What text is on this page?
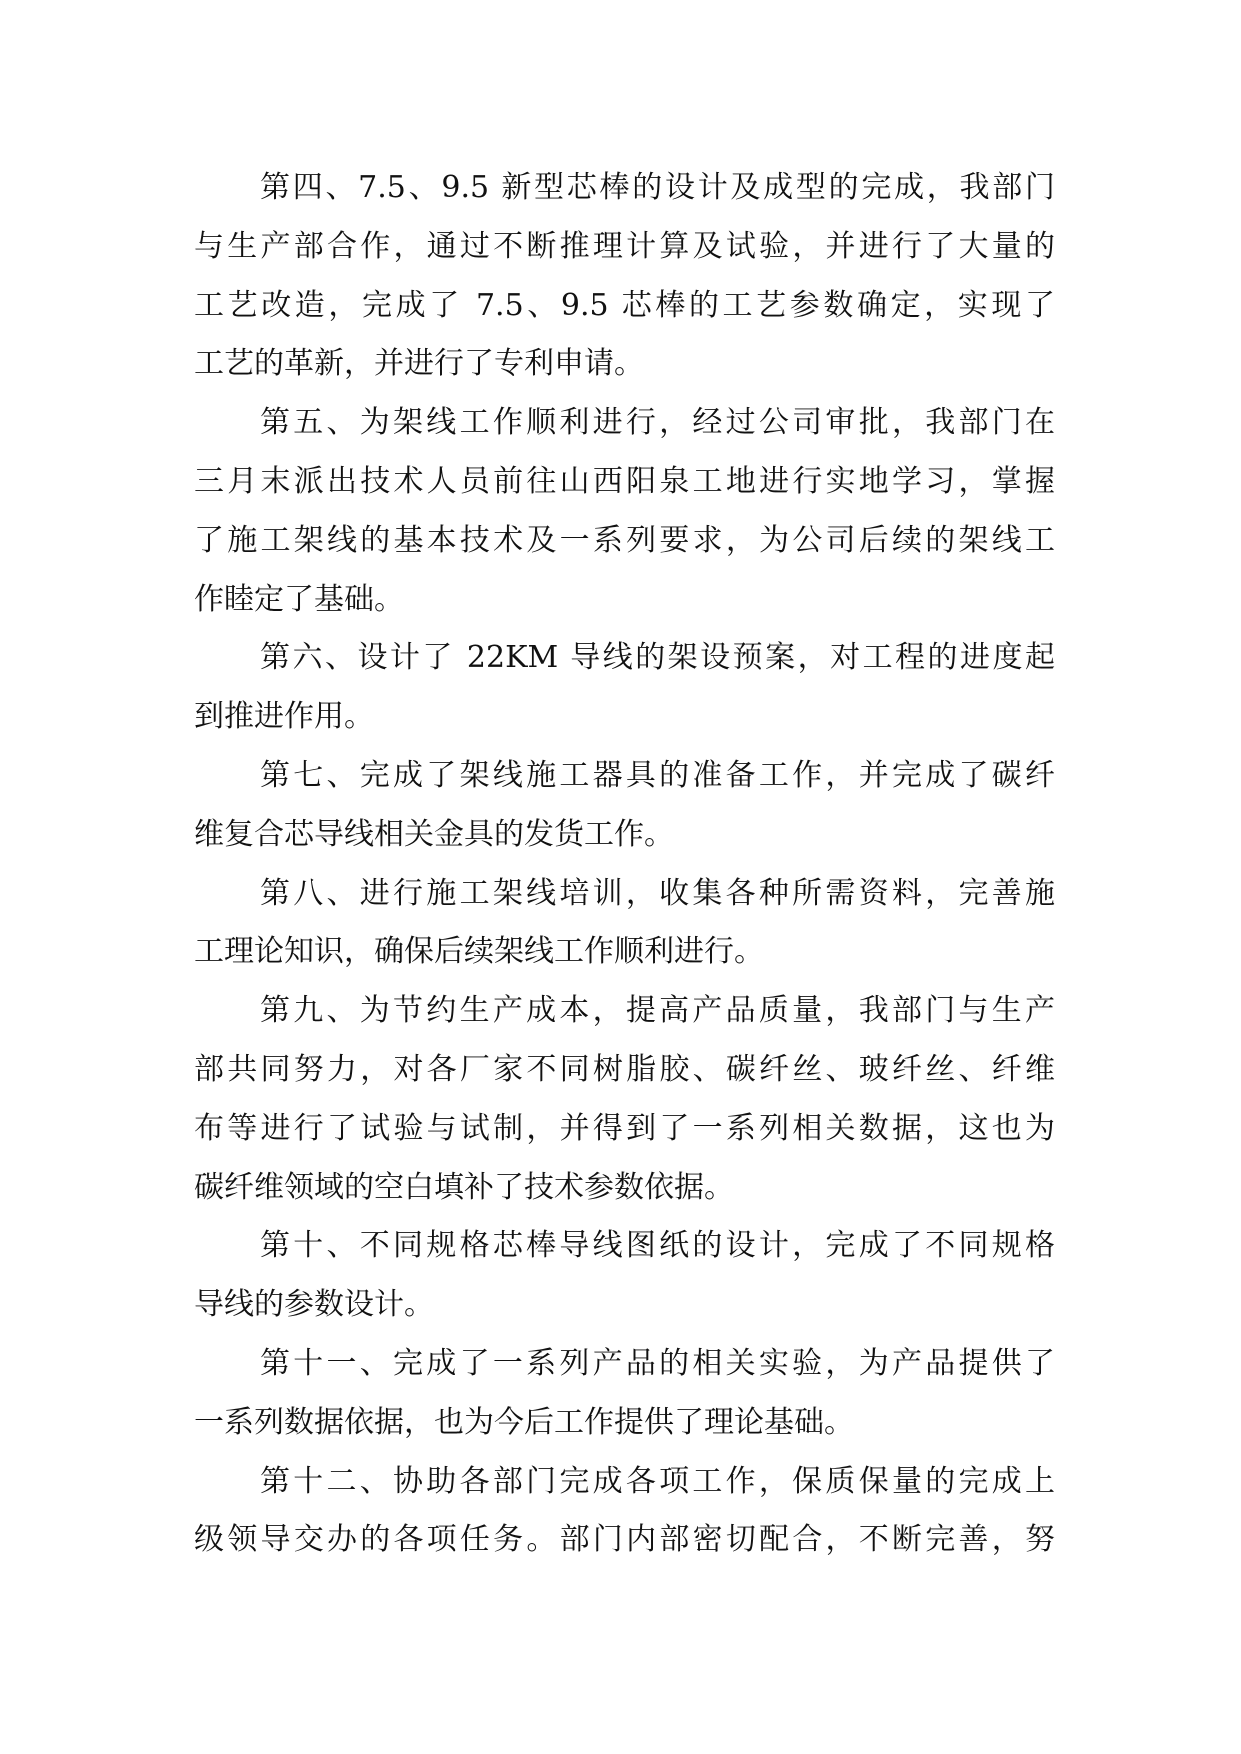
第四、7.5、9.5 新型芯棒的设计及成型的完成，我部门
与生产部合作，通过不断推理计算及试验，并进行了大量的
工艺改造，完成了 7.5、9.5 芯棒的工艺参数确定，实现了
工艺的革新，并进行了专利申请。
第五、为架线工作顺利进行，经过公司审批，我部门在
三月末派出技术人员前往山西阳泉工地进行实地学习，掌握
了施工架线的基本技术及一系列要求，为公司后续的架线工
作睦定了基础。
第六、设计了 22KM 导线的架设预案，对工程的进度起
到推进作用。
第七、完成了架线施工器具的准备工作，并完成了碳纤
维复合芯导线相关金具的发货工作。
第八、进行施工架线培训，收集各种所需资料，完善施
工理论知识，确保后续架线工作顺利进行。
第九、为节约生产成本，提高产品质量，我部门与生产
部共同努力，对各厂家不同树脂胶、碳纤丝、玻纤丝、纤维
布等进行了试验与试制，并得到了一系列相关数据，这也为
碳纤维领域的空白填补了技术参数依据。
第十、不同规格芯棒导线图纸的设计，完成了不同规格
导线的参数设计。
第十一、完成了一系列产品的相关实验，为产品提供了
一系列数据依据，也为今后工作提供了理论基础。
第十二、协助各部门完成各项工作，保质保量的完成上
级领导交办的各项任务。部门内部密切配合，不断完善，努
